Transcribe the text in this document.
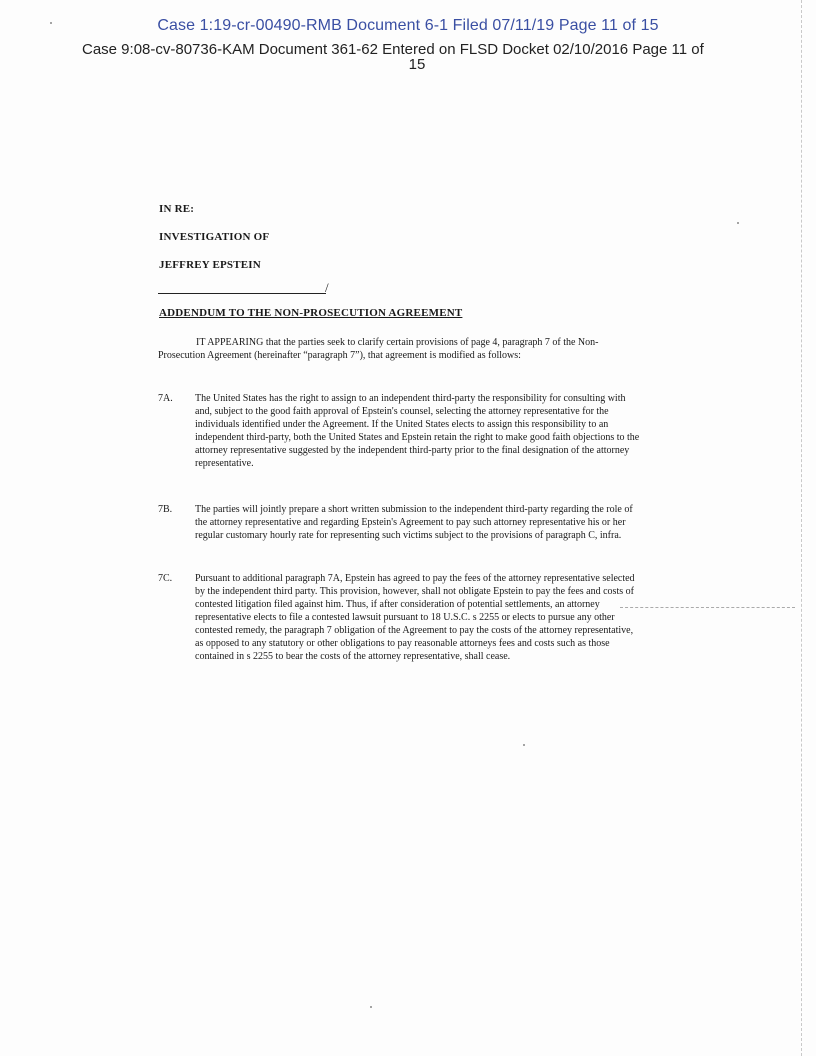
Case 1:19-cr-00490-RMB Document 6-1 Filed 07/11/19 Page 11 of 15
Case 9:08-cv-80736-KAM Document 361-62 Entered on FLSD Docket 02/10/2016 Page 11 of
15
IN RE:
INVESTIGATION OF
JEFFREY EPSTEIN
/
ADDENDUM TO THE NON-PROSECUTION AGREEMENT
IT APPEARING that the parties seek to clarify certain provisions of page 4, paragraph 7 of the Non-Prosecution Agreement (hereinafter “paragraph 7”), that agreement is modified as follows:
7A.	The United States has the right to assign to an independent third-party the responsibility for consulting with and, subject to the good faith approval of Epstein's counsel, selecting the attorney representative for the individuals identified under the Agreement. If the United States elects to assign this responsibility to an independent third-party, both the United States and Epstein retain the right to make good faith objections to the attorney representative suggested by the independent third-party prior to the final designation of the attorney representative.
7B.	The parties will jointly prepare a short written submission to the independent third-party regarding the role of the attorney representative and regarding Epstein's Agreement to pay such attorney representative his or her regular customary hourly rate for representing such victims subject to the provisions of paragraph C, infra.
7C.	Pursuant to additional paragraph 7A, Epstein has agreed to pay the fees of the attorney representative selected by the independent third party. This provision, however, shall not obligate Epstein to pay the fees and costs of contested litigation filed against him. Thus, if after consideration of potential settlements, an attorney representative elects to file a contested lawsuit pursuant to 18 U.S.C. s 2255 or elects to pursue any other contested remedy, the paragraph 7 obligation of the Agreement to pay the costs of the attorney representative, as opposed to any statutory or other obligations to pay reasonable attorneys fees and costs such as those contained in s 2255 to bear the costs of the attorney representative, shall cease.
